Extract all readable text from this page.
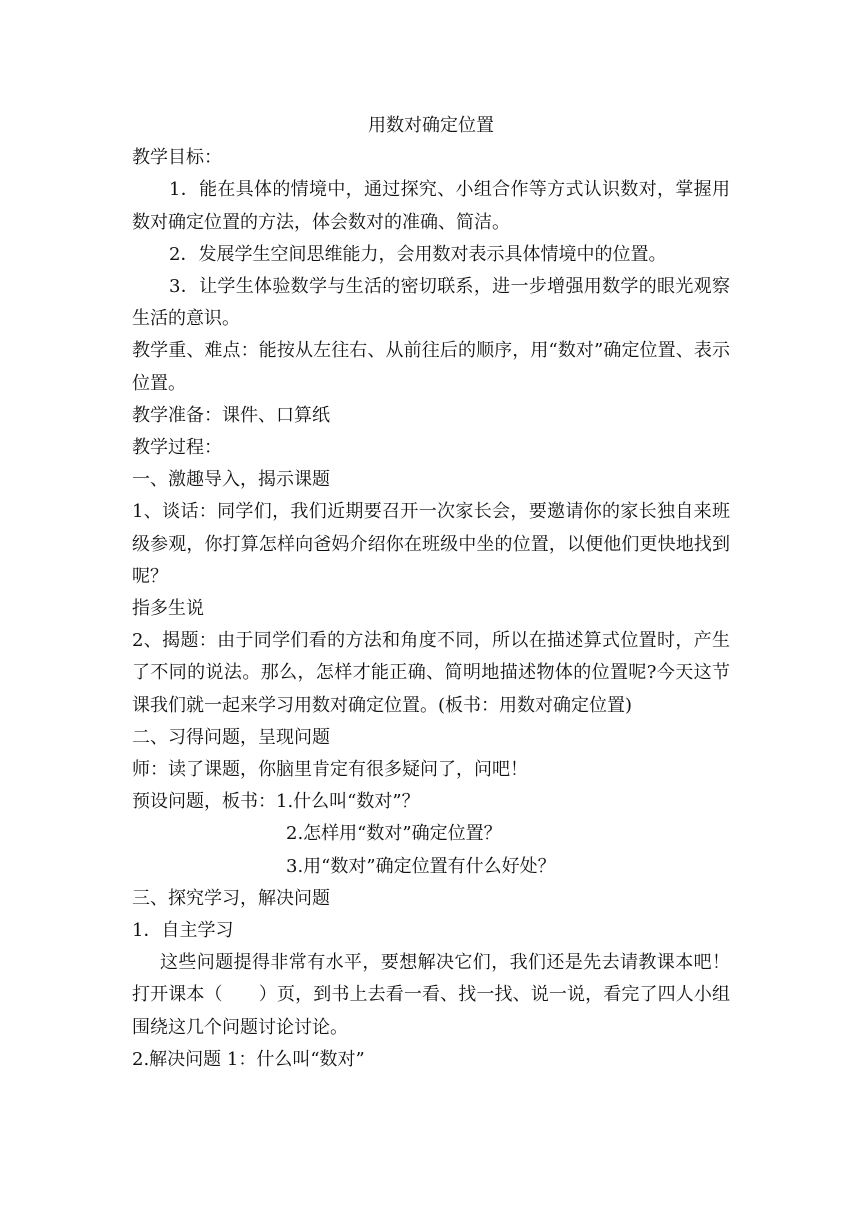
用数对确定位置

教学目标：

1．能在具体的情境中，通过探究、小组合作等方式认识数对，掌握用数对确定位置的方法，体会数对的准确、简洁。

2．发展学生空间思维能力，会用数对表示具体情境中的位置。

3．让学生体验数学与生活的密切联系，进一步增强用数学的眼光观察生活的意识。

教学重、难点：能按从左往右、从前往后的顺序，用“数对”确定位置、表示位置。

教学准备：课件、口算纸

教学过程：

一、激趣导入，揭示课题

1、谈话：同学们，我们近期要召开一次家长会，要邀请你的家长独自来班级参观，你打算怎样向爸妈介绍你在班级中坐的位置，以便他们更快地找到呢？

指多生说

2、揭题：由于同学们看的方法和角度不同，所以在描述算式位置时，产生了不同的说法。那么，怎样才能正确、简明地描述物体的位置呢?今天这节课我们就一起来学习用数对确定位置。(板书：用数对确定位置)

二、习得问题，呈现问题

师：读了课题，你脑里肯定有很多疑问了，问吧！

预设问题，板书：1.什么叫“数对”？

2.怎样用“数对”确定位置？

3.用“数对”确定位置有什么好处？

三、探究学习，解决问题

1．自主学习

这些问题提得非常有水平，要想解决它们，我们还是先去请教课本吧！打开课本（　　）页，到书上去看一看、找一找、说一说，看完了四人小组围绕这几个问题讨论讨论。

2.解决问题 1：什么叫“数对”
